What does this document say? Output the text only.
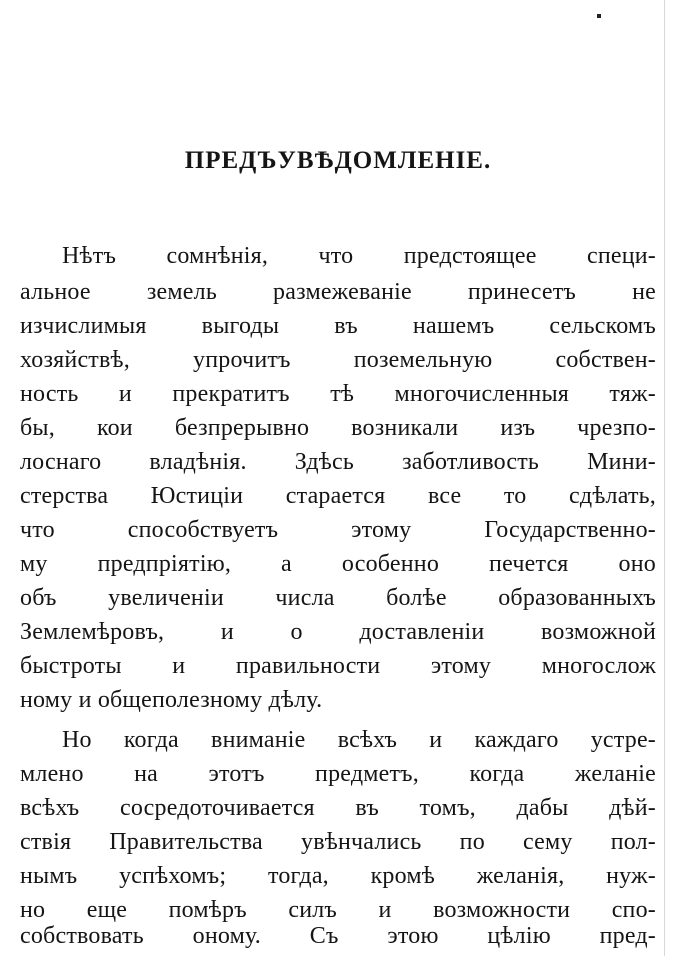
ПРЕДЪУВѢДОМЛЕНІЕ.
Нѣтъ сомнѣнія, что предстоящее специ-
альное земель размежеваніе принесетъ не
изчислимыя выгоды въ нашемъ сельскомъ
хозяйствѣ, упрочитъ поземельную собствен-
ность и прекратитъ тѣ многочисленныя тяж-
бы, кои безпрерывно возникали изъ чрезпо-
лоснаго владѣнія. Здѣсь заботливость Мини-
стерства Юстиціи старается все то сдѣлать,
что способствуетъ этому Государственно-
му предпріятію, а особенно печется оно
объ увеличеніи числа болѣе образованныхъ
Землемѣровъ, и о доставленіи возможной
быстроты и правильности этому многослож
ному и общеполезному дѣлу.
Но когда вниманіе всѣхъ и каждаго устре-
млено на этотъ предметъ, когда желаніе
всѣхъ сосредоточивается въ томъ, дабы дѣй-
ствія Правительства увѣнчались по сему пол-
нымъ успѣхомъ; тогда, кромѣ желанія, нуж-
но еще помѣръ силъ и возможности спо-
собствовать оному. Съ этою цѣлію пред-
